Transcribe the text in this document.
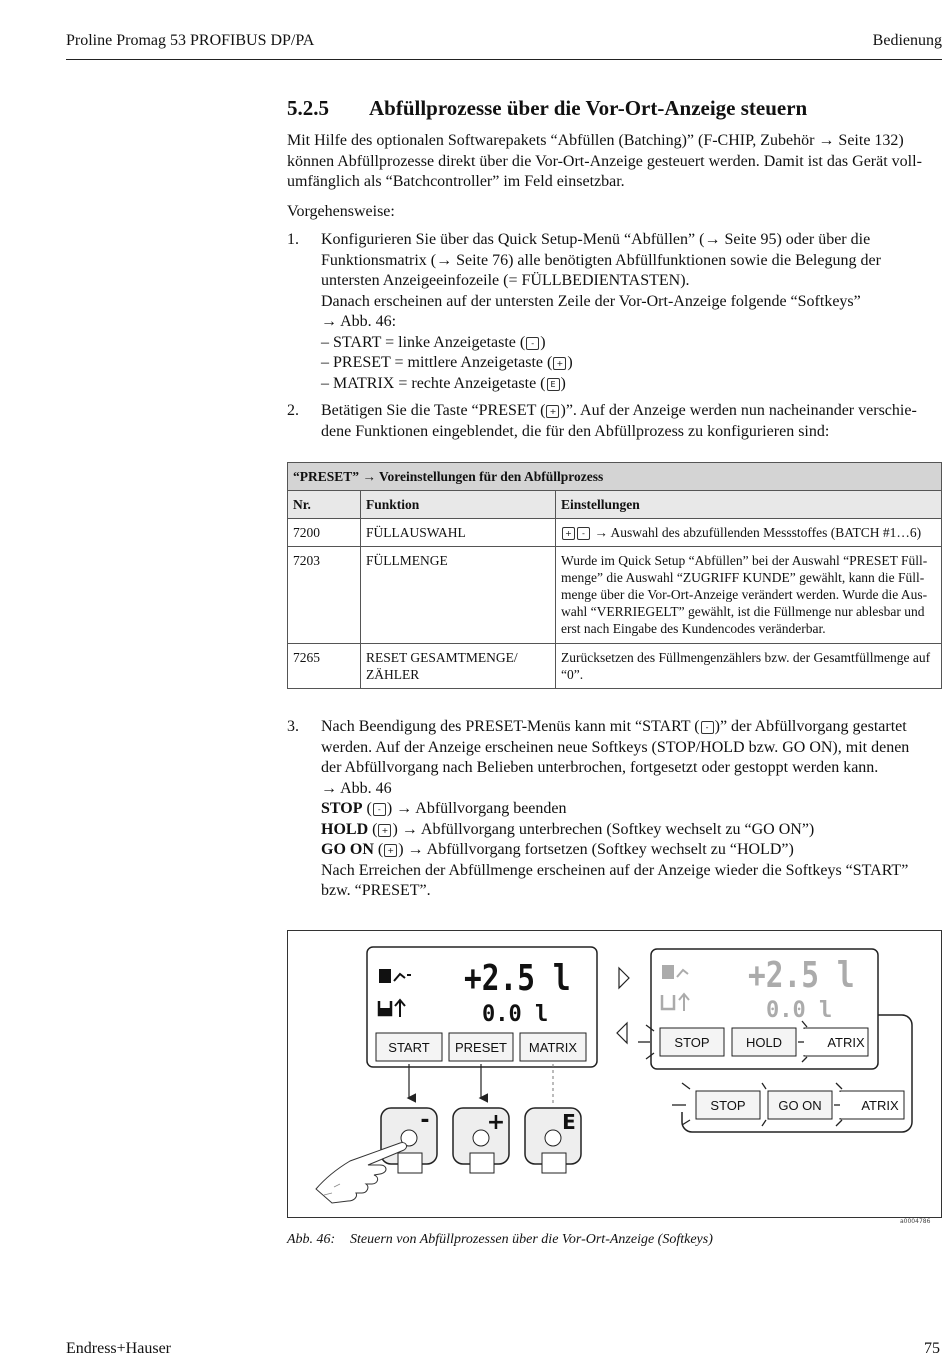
Proline Promag 53 PROFIBUS DP/PA	Bedienung
5.2.5 Abfüllprozesse über die Vor-Ort-Anzeige steuern
Mit Hilfe des optionalen Softwarepakets “Abfüllen (Batching)” (F-CHIP, Zubehör → Seite 132)
können Abfüllprozesse direkt über die Vor-Ort-Anzeige gesteuert werden. Damit ist das Gerät voll-
umfänglich als “Batchcontroller” im Feld einsetzbar.
Vorgehensweise:
1. Konfigurieren Sie über das Quick Setup-Menü “Abfüllen” (→ Seite 95) oder über die
Funktionsmatrix (→ Seite 76) alle benötigten Abfüllfunktionen sowie die Belegung der
untersten Anzeigeeinfozeile (= FÜLLBEDIENTASTEN).
Danach erscheinen auf der untersten Zeile der Vor-Ort-Anzeige folgende “Softkeys”
→ Abb. 46:
– START = linke Anzeigetaste ( - )
– PRESET = mittlere Anzeigetaste ( + )
– MATRIX = rechte Anzeigetaste ( E )
2. Betätigen Sie die Taste “PRESET ( + )”. Auf der Anzeige werden nun nacheinander verschie-
dene Funktionen eingeblendet, die für den Abfüllprozess zu konfigurieren sind:
“PRESET” → Voreinstellungen für den Abfüllprozess		
Nr.	Funktion	Einstellungen
7200	FÜLLAUSWAHL	+ - → Auswahl des abzufüllenden Messstoffes (BATCH #1…6)
7203	FÜLLMENGE	Wurde im Quick Setup “Abfüllen” bei der Auswahl “PRESET Füll-menge” die Auswahl “ZUGRIFF KUNDE” gewählt, kann die Füll-menge über die Vor-Ort-Anzeige verändert werden. Wurde die Aus-wahl “VERRIEGELT” gewählt, ist die Füllmenge nur ablesbar und erst nach Eingabe des Kundencodes veränderbar.
7265	RESET GESAMTMENGE/ ZÄHLER	Zurücksetzen des Füllmengenzählers bzw. der Gesamtfüllmenge auf “0”.
3. Nach Beendigung des PRESET-Menüs kann mit “START ( - )” der Abfüllvorgang gestartet
werden. Auf der Anzeige erscheinen neue Softkeys (STOP/HOLD bzw. GO ON), mit denen
der Abfüllvorgang nach Belieben unterbrochen, fortgesetzt oder gestoppt werden kann.
→ Abb. 46
STOP ( - ) → Abfüllvorgang beenden
HOLD ( + ) → Abfüllvorgang unterbrechen (Softkey wechselt zu “GO ON”)
GO ON ( + ) → Abfüllvorgang fortsetzen (Softkey wechselt zu “HOLD”)
Nach Erreichen der Abfüllmenge erscheinen auf der Anzeige wieder die Softkeys “START”
bzw. “PRESET”.
+2.5 l
0.0 l
START PRESET MATRIX
-	+	E
+2.5 l
0.0 l
STOP	HOLD	ATRIX
STOP	GO ON	ATRIX
a0004786
Abb. 46: Steuern von Abfüllprozessen über die Vor-Ort-Anzeige (Softkeys)
Endress+Hauser	75
